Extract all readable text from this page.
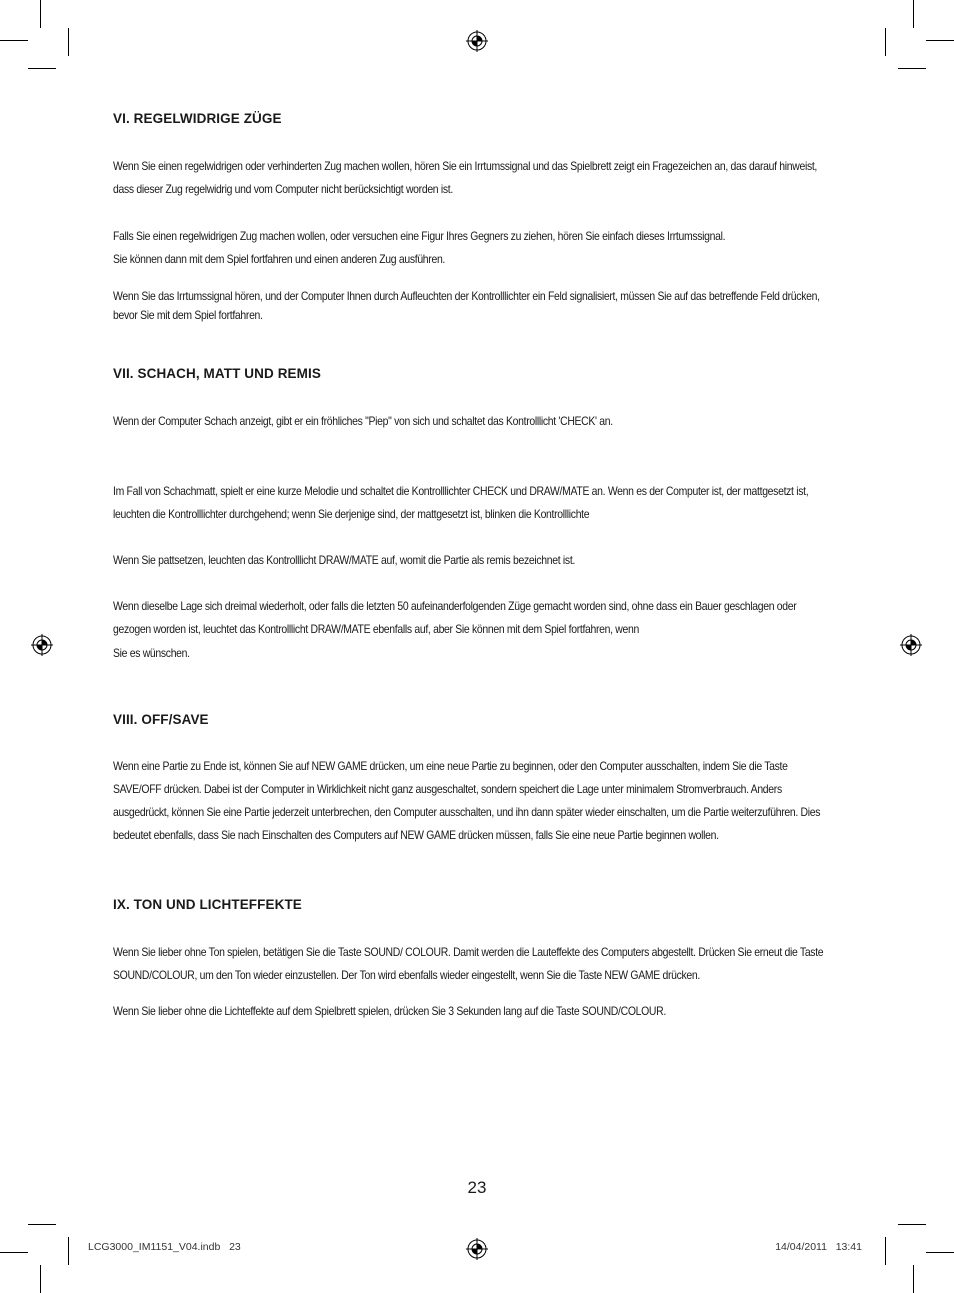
VI. REGELWIDRIGE ZÜGE
Wenn Sie einen regelwidrigen oder verhinderten Zug machen wollen, hören Sie ein Irrtumssignal und das Spielbrett zeigt ein Fragezeichen an, das darauf hinweist, dass dieser Zug regelwidrig und vom Computer nicht berücksichtigt worden ist.
Falls Sie einen regelwidrigen Zug machen wollen, oder versuchen eine Figur Ihres Gegners zu ziehen, hören Sie einfach dieses Irrtumssignal.
Sie können dann mit dem Spiel fortfahren und einen anderen Zug ausführen.
Wenn Sie das Irrtumssignal hören, und der Computer Ihnen durch Aufleuchten der Kontrolllichter ein Feld signalisiert, müssen Sie auf das betreffende Feld drücken, bevor Sie mit dem Spiel fortfahren.
VII. SCHACH, MATT UND REMIS
Wenn der Computer Schach anzeigt, gibt er ein fröhliches "Piep" von sich und schaltet das Kontrolllicht 'CHECK' an.
Im Fall von Schachmatt, spielt er eine kurze Melodie und schaltet die Kontrolllichter CHECK und DRAW/MATE an. Wenn es der Computer ist, der mattgesetzt ist, leuchten die Kontrolllichter durchgehend; wenn Sie derjenige sind, der mattgesetzt ist, blinken die Kontrolllichte
Wenn Sie pattsetzen, leuchten das Kontrolllicht DRAW/MATE auf, womit die Partie als remis bezeichnet ist.
Wenn dieselbe Lage sich dreimal wiederholt, oder falls die letzten 50 aufeinanderfolgenden Züge gemacht worden sind, ohne dass ein Bauer geschlagen oder gezogen worden ist, leuchtet das Kontrolllicht DRAW/MATE ebenfalls auf, aber Sie können mit dem Spiel fortfahren, wenn
Sie es wünschen.
VIII. OFF/SAVE
Wenn eine Partie zu Ende ist, können Sie auf NEW GAME drücken, um eine neue Partie zu beginnen, oder den Computer ausschalten, indem Sie die Taste SAVE/OFF drücken. Dabei ist der Computer in Wirklichkeit nicht ganz ausgeschaltet, sondern speichert die Lage unter minimalem Stromverbrauch. Anders ausgedrückt, können Sie eine Partie jederzeit unterbrechen, den Computer ausschalten, und ihn dann später wieder einschalten, um die Partie weiterzuführen. Dies bedeutet ebenfalls, dass Sie nach Einschalten des Computers auf NEW GAME drücken müssen, falls Sie eine neue Partie beginnen wollen.
IX. TON UND LICHTEFFEKTE
Wenn Sie lieber ohne Ton spielen, betätigen Sie die Taste SOUND/ COLOUR. Damit werden die Lauteffekte des Computers abgestellt. Drücken Sie erneut die Taste SOUND/COLOUR, um den Ton wieder einzustellen. Der Ton wird ebenfalls wieder eingestellt, wenn Sie die Taste NEW GAME drücken.
Wenn Sie lieber ohne die Lichteffekte auf dem Spielbrett spielen, drücken Sie 3 Sekunden lang auf die Taste SOUND/COLOUR.
23
LCG3000_IM1151_V04.indb   23	14/04/2011   13:41
